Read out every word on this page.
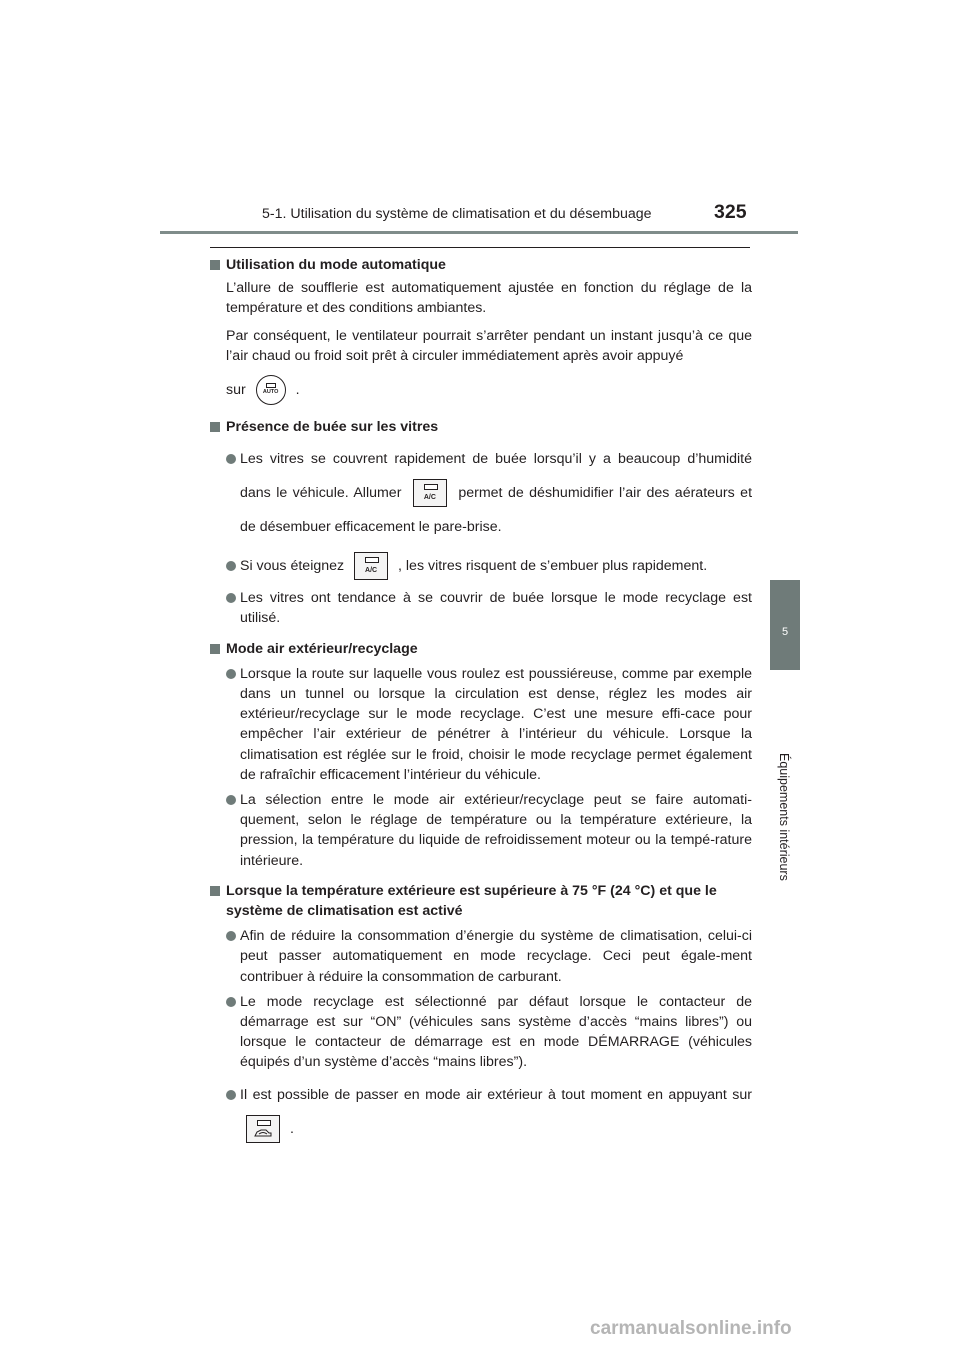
5-1. Utilisation du système de climatisation et du désembuage	325
5
Équipements intérieurs

Utilisation du mode automatique

L’allure de soufflerie est automatiquement ajustée en fonction du réglage de la température et des conditions ambiantes.

Par conséquent, le ventilateur pourrait s’arrêter pendant un instant jusqu’à ce que l’air chaud ou froid soit prêt à circuler immédiatement après avoir appuyé

sur	AUTO	.

Présence de buée sur les vitres

Les vitres se couvrent rapidement de buée lorsqu’il y a beaucoup d’humidité dans le véhicule. Allumer	A/C	permet de déshumidifier l’air des aérateurs et de désembuer efficacement le pare-brise.
Si vous éteignez	A/C	, les vitres risquent de s’embuer plus rapidement.
Les vitres ont tendance à se couvrir de buée lorsque le mode recyclage est utilisé.

Mode air extérieur/recyclage

Lorsque la route sur laquelle vous roulez est poussiéreuse, comme par exemple dans un tunnel ou lorsque la circulation est dense, réglez les modes air extérieur/recyclage sur le mode recyclage. C’est une mesure effi-cace pour empêcher l’air extérieur de pénétrer à l’intérieur du véhicule. Lorsque la climatisation est réglée sur le froid, choisir le mode recyclage permet également de rafraîchir efficacement l’intérieur du véhicule.
La sélection entre le mode air extérieur/recyclage peut se faire automati-quement, selon le réglage de température ou la température extérieure, la pression, la température du liquide de refroidissement moteur ou la tempé-rature intérieure.

Lorsque la température extérieure est supérieure à 75 °F (24 °C) et que le système de climatisation est activé

Afin de réduire la consommation d’énergie du système de climatisation, celui-ci peut passer automatiquement en mode recyclage. Ceci peut égale-ment contribuer à réduire la consommation de carburant.
Le mode recyclage est sélectionné par défaut lorsque le contacteur de démarrage est sur “ON” (véhicules sans système d’accès “mains libres”) ou lorsque le contacteur de démarrage est en mode DÉMARRAGE (véhicules équipés d’un système d’accès “mains libres”).
Il est possible de passer en mode air extérieur à tout moment en appuyant sur
.
carmanualsonline.info
